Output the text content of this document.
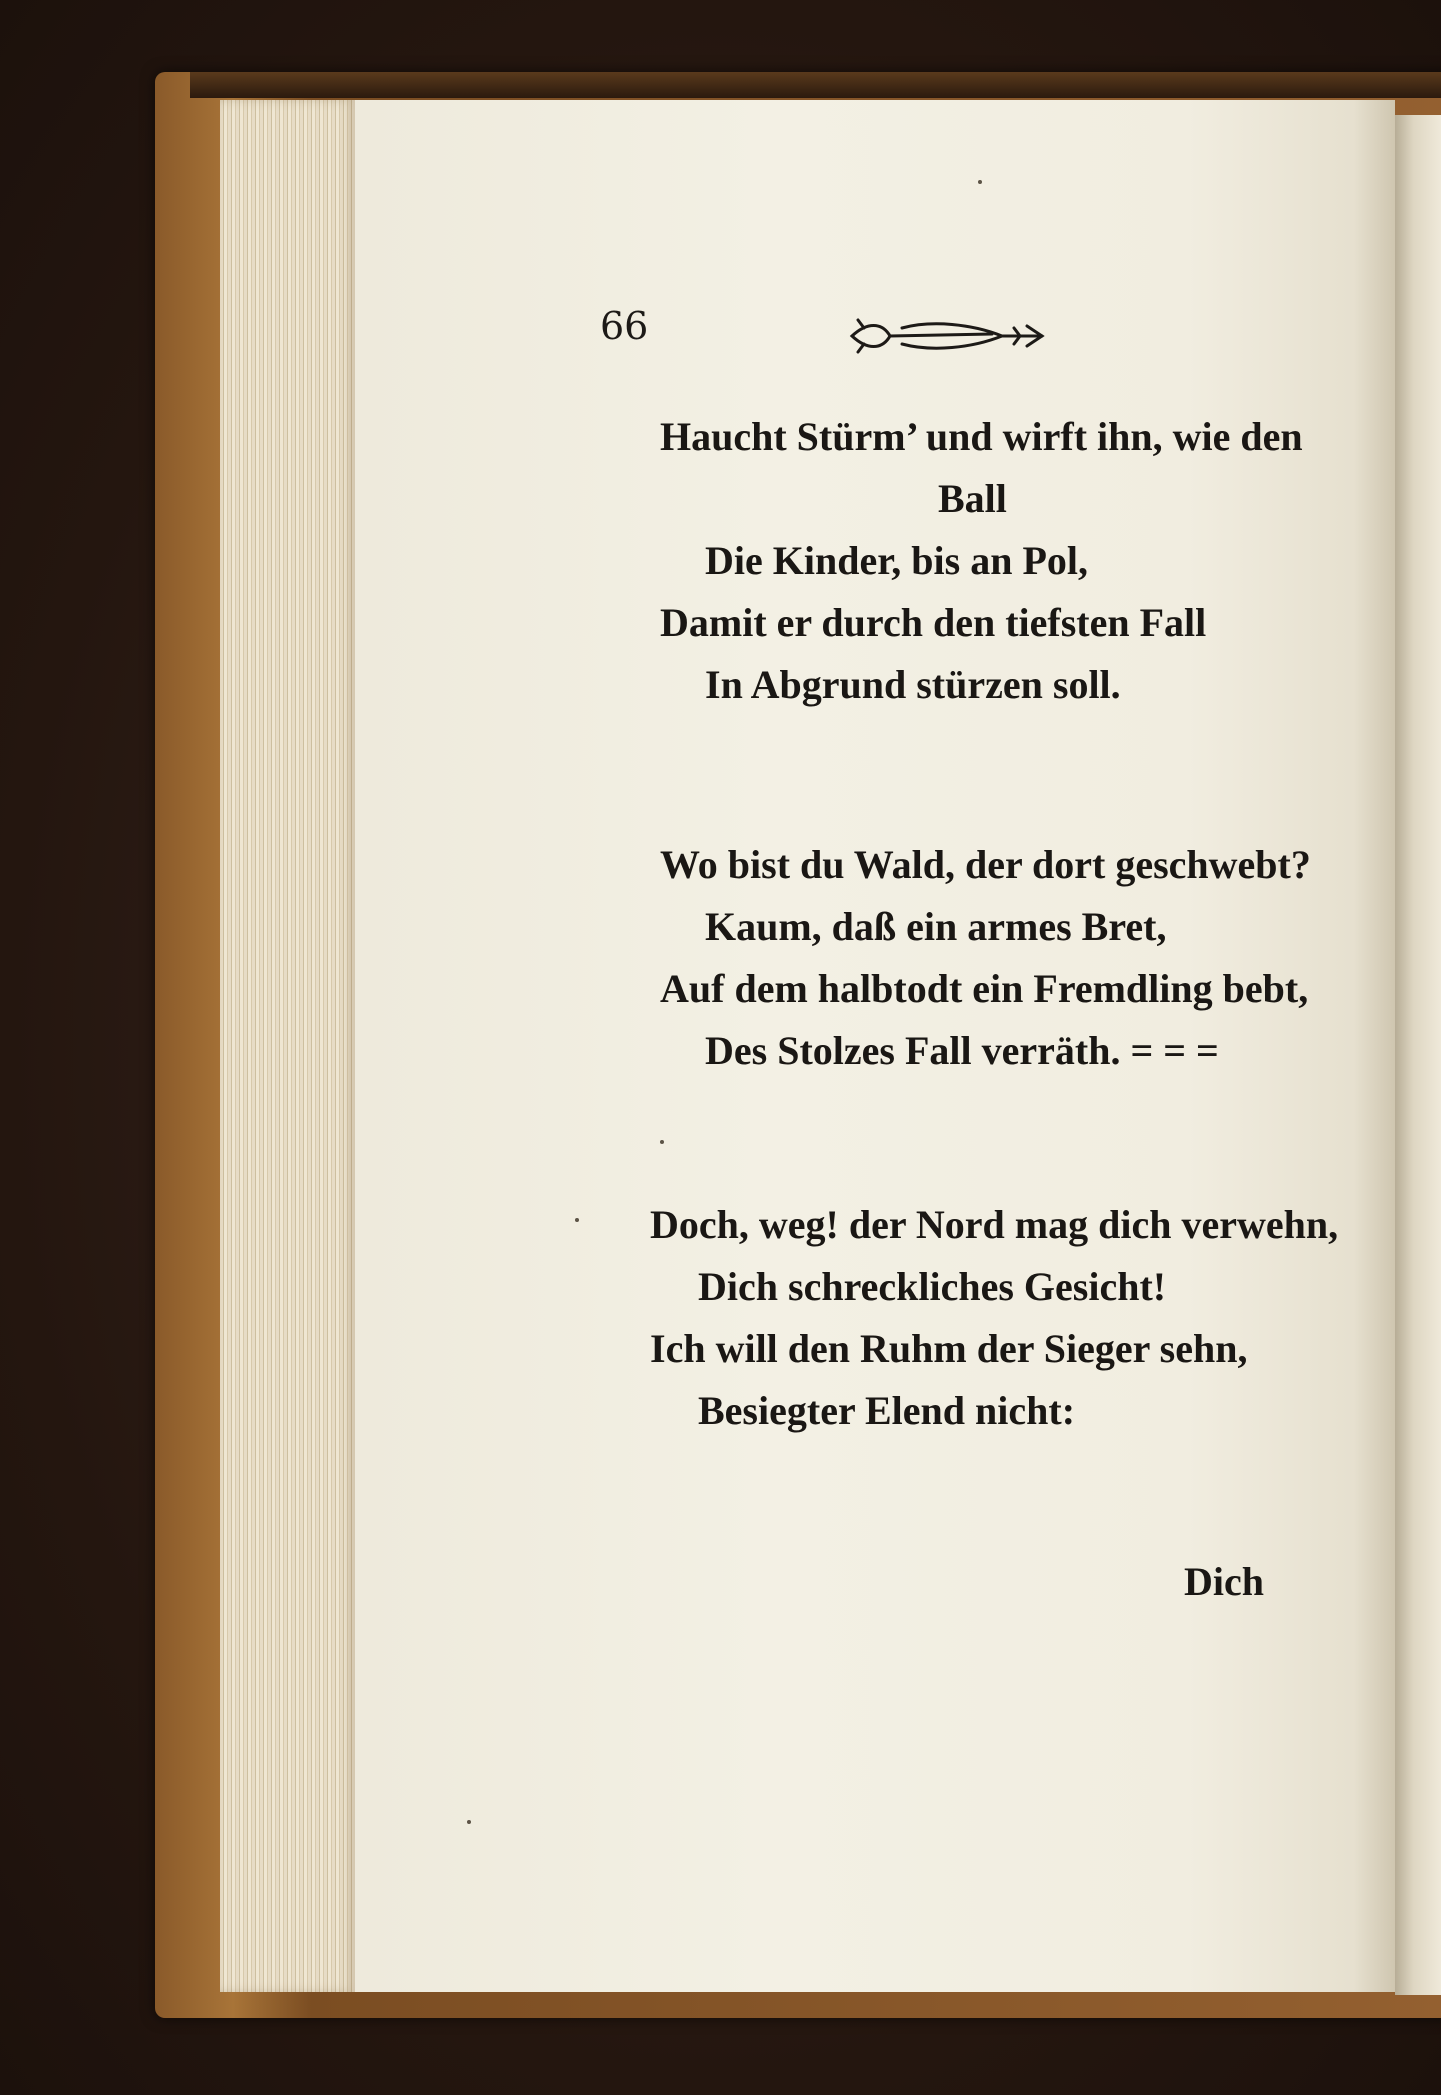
66
Haucht Stürm’ und wirft ihn, wie den
Ball
Die Kinder, bis an Pol,
Damit er durch den tiefsten Fall
In Abgrund stürzen soll.
Wo bist du Wald, der dort geschwebt?
Kaum, daß ein armes Bret,
Auf dem halbtodt ein Fremdling bebt,
Des Stolzes Fall verräth. = = =
Doch, weg! der Nord mag dich verwehn,
Dich schreckliches Gesicht!
Ich will den Ruhm der Sieger sehn,
Besiegter Elend nicht:
Dich
